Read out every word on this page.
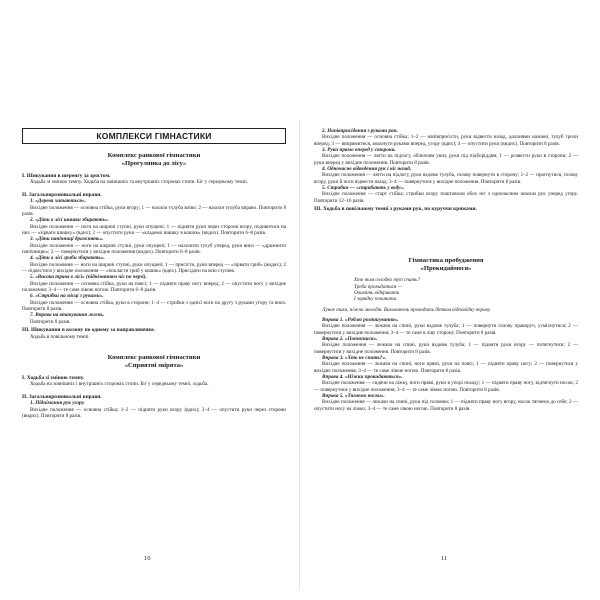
КОМПЛЕКСИ ГІМНАСТИКИ
Комплекс ранкової гімнастики
«Прогулянка до лісу»
I. Шикування в шеренгу за зростом.
Ходьба зі зміною темпу. Ходьба на зовнішніх та внутрішніх сторонах стопи. Біг у середньому темпі.
II. Загальнорозвивальні вправи.
1. «Дерева хитаються».
Вихідне положення — основна стійка, руки вгору; 1 — нахили тулуба вліво; 2 — нахили тулуба вправо. Повторити 8 разів.
2. «Діти в лісі шишки збирають».
Вихідне положення — ноги на ширині ступні, руки опущені; 1 — підняти руки через сторони вгору, подивитися на них — «зірвати шишку» (вдих); 2 — опустити руки — «кладемо шишку в кошик» (видих). Повторити 6–8 разів.
3. «Діти папічниці дражнять».
Вихідне положення — ноги на ширині ступні, руки опущені; 1 — нахилити тулуб уперед, руки вниз — «дражнити папічницю»; 2 — повернутися у вихідне положення (видих). Повторити 6–8 разів.
4. «Діти в лісі гриби збирають».
Вихідне положення — ноги на ширині ступні, руки опущені; 1 — присісти, руки вперед — «зірвати гриб» (видих); 2 — підвестися у вихідне положення — «покласти гриб у кошик» (вдих). Присідати на всю ступню.
5. «Висока трава в лісі» (підніманням ніг по черзі).
Вихідне положення — основна стійка, руки на поясі; 1 — підняти праву ногу вперед; 2 — опустити ногу у вихідне положення; 3–4 — те саме лівою ногою. Повторити 6–8 разів.
6. «Стрибки на місці з руками».
Вихідне положення — основна стійка, руки в сторони; 1–4 — стрибки з однієї ноги на другу з руками угору та вниз. Повторити 8 разів.
7. Вправа на втанування легень.
Повторити 8 разів.
III. Шикування в колону по одному за направляючим.
Ходьба в повільному темпі.
Комплекс ранкової гімнастики
«Сприятні звірята»
I. Ходьба зі зміною темпу.
Ходьба на зовнішніх і внутрішніх сторонах стопи. Біг у середньому темпі, ходьба.
II. Загальнорозвивальні вправи.
1. Піднімання рук угору.
Вихідне положення — основна стійка; 1–2 — підняти руки вгору (вдих); 3–4 — опустити руки через сторони (видих). Повторити 8 разів.
10
2. Напівприсідання з руками ран.
Вихідне положення — основна стійка; 1–2 — напівприсісти, руки відвести назад, долонями назовні, тулуб трохи вперед; 3 — випрямитися, змахнути руками вперед, угору (вдих); 4 — опустити руки (видих). Повторити 8 разів.
3. Руки прямо вперед у сторони.
Вихідне положення — лягти на підлогу, обличчям униз, руки під підборіддям; 1 — розвести руки в сторони; 2 — руки вперед у вихідне положення. Повторити 8 разів.
4. Одночасне відведення рук і ніг назад.
Вихідне положення — лягти на підлогу, руки вздовж тулуба, голову повернути в сторону; 1–2 — прогнутися, голову вгору, руки й ноги відвести назад; 3–4 — повернутися у вихідне положення. Повторити 8 разів.
5. Стрибки — «стрибають у воду».
Вихідне положення — старт стійка; стрибки вгору поштовхом обох ніг з одночасним змахом рук уперед угору. Повторити 12–16 разів.
III. Ходьба в повільному темпі з руками рук, по куруччя кряжами.
Гімнастика пробудження
«Прокидаймося»
Хто там солодко тут спить?
Треба прокидатися —
Очиміть відкривати
І зарядку починати.
Лунає тиха, ніжна мелодія. Вихователь проводить діткам відповідну вправу.
Вправа 1. «Роблю розтягування».
Вихідне положення — лежачи на спині, руки вздовж тулуба; 1 — повернути голову праворуч, усміхнутися; 2 — повернутися у вихідне положення; 3–4 — те саме в ліву сторону. Повторити 8 разів.
Вправа 2. «Потягнися».
Вихідне положення — лежачи на спині, руки вздовж тулуба; 1 — підняти руки вгору — потягнутися; 2 — повернутися у вихідне положення. Повторити 8 разів.
Вправа 3. «Хто не спить?».
Вихідне положення — лежачи на спині, ноги прямі, руки на поясі; 1 — підняти праву ногу; 2 — повернутися у вихідне положення; 3–4 — те саме лівою ногою. Повторити 8 разів.
Вправа 4. «Ніжки прокидаються».
Вихідне положення — сидячи на ліжку, ноги прямі, руки в упорі позаду; 1 — підняти праву ногу, відтягнути носок; 2 — повернутися у вихідне положення; 3–4 — те саме лівою ногою. Повторити 8 разів.
Вправа 5. «Тягнемо носки».
Вихідне положення — лежачи на спині, руки під головою; 1 — підняти праву ногу вгору, носок тягнемо до себе; 2 — опустити ногу на ліжко; 3–4 — те саме лівою ногою. Повторити 8 разів.
11
